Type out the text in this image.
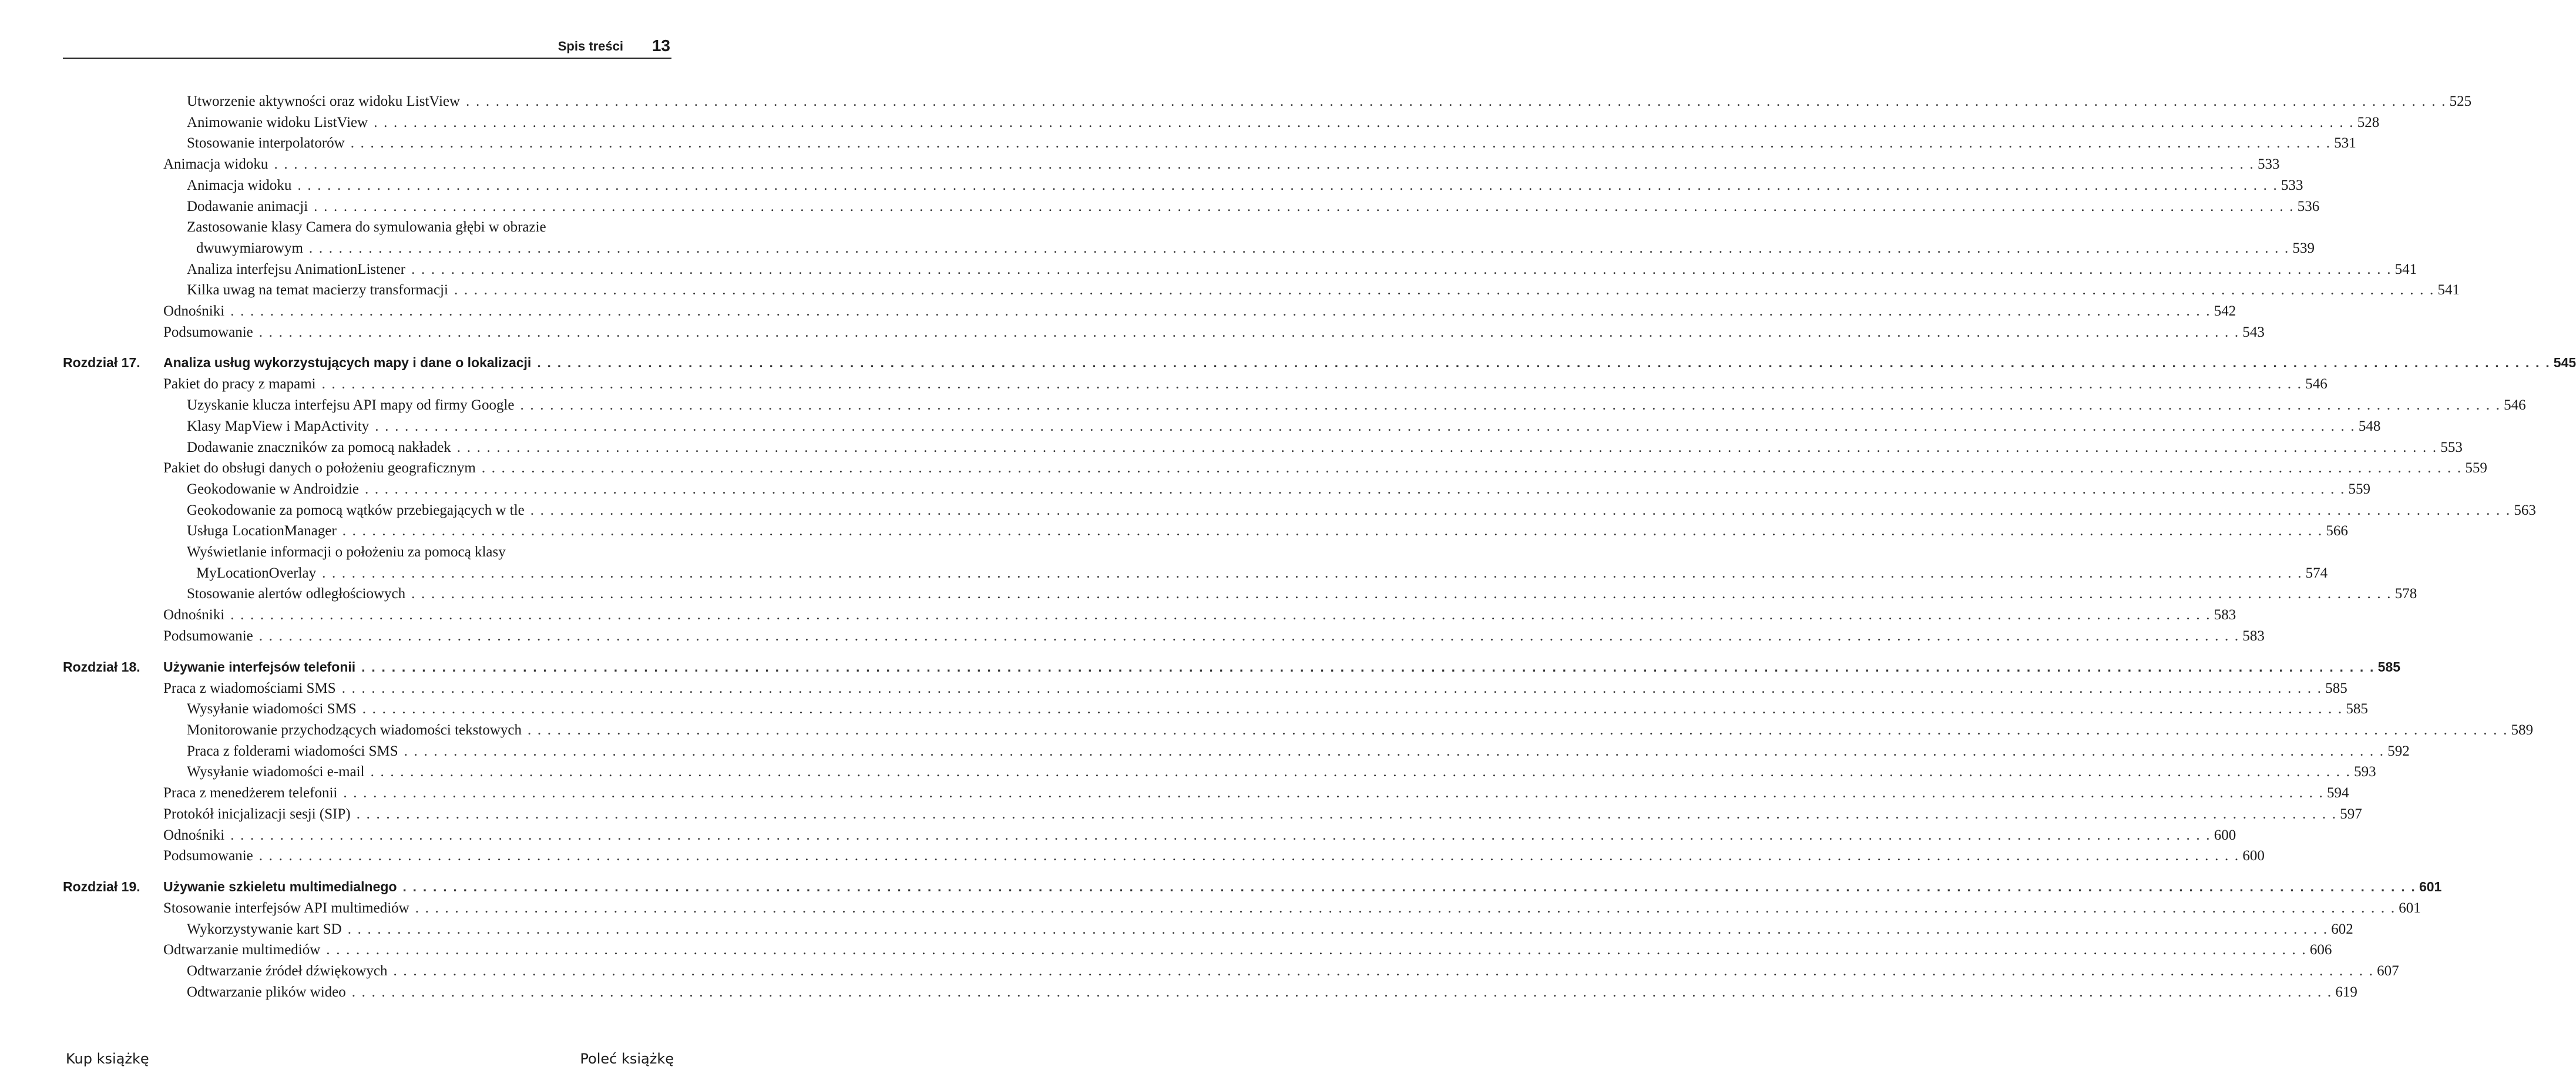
Spis treści 13
Utworzenie aktywności oraz widoku ListView . . . . . . . . . . . . . . . . . . . . . . . . . . . . . . . . . . . . . . . . . . . . . . . . . . . . . . . . . . . . . . . . . . . . . . . . . . . . . . . . . . . . . . . . . . . . . . . . . . . . . . . . . . . . . . . . . . . . . . . . . . . . . . . . . . . . . . . . . . . . . . . . . . . . . . . . . . . . . . . . . . . . . . . . . . . . . . . . . . . . . . . . . . . . . . . . . . . . . . . . 525
Animowanie widoku ListView . . . . . . . . . . . . . . . . . . . . . . . . . . . . . . . . . . . . . . . . . . . . . . . . . . . . . . . . . . . . . . . . . . . . . . . . . . . . . . . . . . . . . . . . . . . . . . . . . . . . . . . . . . . . . . . . . . . . . . . . . . . . . . . . . . . . . . . . . . . . . . . . . . . . . . . . . . . . . . . . . . . . . . . . . . . . . . . . . . . . . . . . . . . . . . . . . . . . . . . . 528
Stosowanie interpolatorów . . . . . . . . . . . . . . . . . . . . . . . . . . . . . . . . . . . . . . . . . . . . . . . . . . . . . . . . . . . . . . . . . . . . . . . . . . . . . . . . . . . . . . . . . . . . . . . . . . . . . . . . . . . . . . . . . . . . . . . . . . . . . . . . . . . . . . . . . . . . . . . . . . . . . . . . . . . . . . . . . . . . . . . . . . . . . . . . . . . . . . . . . . . . . . . . . . . . . . . . 531
Animacja widoku . . . . . . . . . . . . . . . . . . . . . . . . . . . . . . . . . . . . . . . . . . . . . . . . . . . . . . . . . . . . . . . . . . . . . . . . . . . . . . . . . . . . . . . . . . . . . . . . . . . . . . . . . . . . . . . . . . . . . . . . . . . . . . . . . . . . . . . . . . . . . . . . . . . . . . . . . . . . . . . . . . . . . . . . . . . . . . . . . . . . . . . . . . . . . . . . . . . . . . . . 533
Animacja widoku . . . . . . . . . . . . . . . . . . . . . . . . . . . . . . . . . . . . . . . . . . . . . . . . . . . . . . . . . . . . . . . . . . . . . . . . . . . . . . . . . . . . . . . . . . . . . . . . . . . . . . . . . . . . . . . . . . . . . . . . . . . . . . . . . . . . . . . . . . . . . . . . . . . . . . . . . . . . . . . . . . . . . . . . . . . . . . . . . . . . . . . . . . . . . . . . . . . . . . . . 533
Dodawanie animacji . . . . . . . . . . . . . . . . . . . . . . . . . . . . . . . . . . . . . . . . . . . . . . . . . . . . . . . . . . . . . . . . . . . . . . . . . . . . . . . . . . . . . . . . . . . . . . . . . . . . . . . . . . . . . . . . . . . . . . . . . . . . . . . . . . . . . . . . . . . . . . . . . . . . . . . . . . . . . . . . . . . . . . . . . . . . . . . . . . . . . . . . . . . . . . . . . . . . . . . . 536
Zastosowanie klasy Camera do symulowania głębi w obrazie
dwuwymiarowym . . . . . . . . . . . . . . . . . . . . . . . . . . . . . . . . . . . . . . . . . . . . . . . . . . . . . . . . . . . . . . . . . . . . . . . . . . . . . . . . . . . . . . . . . . . . . . . . . . . . . . . . . . . . . . . . . . . . . . . . . . . . . . . . . . . . . . . . . . . . . . . . . . . . . . . . . . . . . . . . . . . . . . . . . . . . . . . . . . . . . . . . . . . . . . . . . . . . . . . . 539
Analiza interfejsu AnimationListener . . . . . . . . . . . . . . . . . . . . . . . . . . . . . . . . . . . . . . . . . . . . . . . . . . . . . . . . . . . . . . . . . . . . . . . . . . . . . . . . . . . . . . . . . . . . . . . . . . . . . . . . . . . . . . . . . . . . . . . . . . . . . . . . . . . . . . . . . . . . . . . . . . . . . . . . . . . . . . . . . . . . . . . . . . . . . . . . . . . . . . . . . . . . . . . . . . . . . . . . 541
Kilka uwag na temat macierzy transformacji . . . . . . . . . . . . . . . . . . . . . . . . . . . . . . . . . . . . . . . . . . . . . . . . . . . . . . . . . . . . . . . . . . . . . . . . . . . . . . . . . . . . . . . . . . . . . . . . . . . . . . . . . . . . . . . . . . . . . . . . . . . . . . . . . . . . . . . . . . . . . . . . . . . . . . . . . . . . . . . . . . . . . . . . . . . . . . . . . . . . . . . . . . . . . . . . . . . . . . . . 541
Odnośniki . . . . . . . . . . . . . . . . . . . . . . . . . . . . . . . . . . . . . . . . . . . . . . . . . . . . . . . . . . . . . . . . . . . . . . . . . . . . . . . . . . . . . . . . . . . . . . . . . . . . . . . . . . . . . . . . . . . . . . . . . . . . . . . . . . . . . . . . . . . . . . . . . . . . . . . . . . . . . . . . . . . . . . . . . . . . . . . . . . . . . . . . . . . . . . . . . . . . . . . . 542
Podsumowanie . . . . . . . . . . . . . . . . . . . . . . . . . . . . . . . . . . . . . . . . . . . . . . . . . . . . . . . . . . . . . . . . . . . . . . . . . . . . . . . . . . . . . . . . . . . . . . . . . . . . . . . . . . . . . . . . . . . . . . . . . . . . . . . . . . . . . . . . . . . . . . . . . . . . . . . . . . . . . . . . . . . . . . . . . . . . . . . . . . . . . . . . . . . . . . . . . . . . . . . . 543
Rozdział 17. Analiza usług wykorzystujących mapy i dane o lokalizacji . . . . . . . . . . . . . . . . . . . . . . . . . . . . . . . . . . . . . . . . . . . . . . . . . . . . . . . . . . . . . . . . . . . . . . . . . . . . . . . . . . . . . . . . . . . . . . . . . . . . . . . . . . . . . . . . . . . . . . . . . . . . . . . . . . . . . . . . . . . . . . . . . . . . . . . . . . . . . . . . . . . . . . . . . . . . . . . . . . . . . . . . . . . . . . . . . . . . . . . . 545
Pakiet do pracy z mapami . . . . . . . . . . . . . . . . . . . . . . . . . . . . . . . . . . . . . . . . . . . . . . . . . . . . . . . . . . . . . . . . . . . . . . . . . . . . . . . . . . . . . . . . . . . . . . . . . . . . . . . . . . . . . . . . . . . . . . . . . . . . . . . . . . . . . . . . . . . . . . . . . . . . . . . . . . . . . . . . . . . . . . . . . . . . . . . . . . . . . . . . . . . . . . . . . . . . . . . . 546
Uzyskanie klucza interfejsu API mapy od firmy Google . . . . . . . . . . . . . . . . . . . . . . . . . . . . . . . . . . . . . . . . . . . . . . . . . . . . . . . . . . . . . . . . . . . . . . . . . . . . . . . . . . . . . . . . . . . . . . . . . . . . . . . . . . . . . . . . . . . . . . . . . . . . . . . . . . . . . . . . . . . . . . . . . . . . . . . . . . . . . . . . . . . . . . . . . . . . . . . . . . . . . . . . . . . . . . . . . . . . . . . . 546
Klasy MapView i MapActivity . . . . . . . . . . . . . . . . . . . . . . . . . . . . . . . . . . . . . . . . . . . . . . . . . . . . . . . . . . . . . . . . . . . . . . . . . . . . . . . . . . . . . . . . . . . . . . . . . . . . . . . . . . . . . . . . . . . . . . . . . . . . . . . . . . . . . . . . . . . . . . . . . . . . . . . . . . . . . . . . . . . . . . . . . . . . . . . . . . . . . . . . . . . . . . . . . . . . . . . . 548
Dodawanie znaczników za pomocą nakładek . . . . . . . . . . . . . . . . . . . . . . . . . . . . . . . . . . . . . . . . . . . . . . . . . . . . . . . . . . . . . . . . . . . . . . . . . . . . . . . . . . . . . . . . . . . . . . . . . . . . . . . . . . . . . . . . . . . . . . . . . . . . . . . . . . . . . . . . . . . . . . . . . . . . . . . . . . . . . . . . . . . . . . . . . . . . . . . . . . . . . . . . . . . . . . . . . . . . . . . . 553
Pakiet do obsługi danych o położeniu geograficznym . . . . . . . . . . . . . . . . . . . . . . . . . . . . . . . . . . . . . . . . . . . . . . . . . . . . . . . . . . . . . . . . . . . . . . . . . . . . . . . . . . . . . . . . . . . . . . . . . . . . . . . . . . . . . . . . . . . . . . . . . . . . . . . . . . . . . . . . . . . . . . . . . . . . . . . . . . . . . . . . . . . . . . . . . . . . . . . . . . . . . . . . . . . . . . . . . . . . . . . . 559
Geokodowanie w Androidzie . . . . . . . . . . . . . . . . . . . . . . . . . . . . . . . . . . . . . . . . . . . . . . . . . . . . . . . . . . . . . . . . . . . . . . . . . . . . . . . . . . . . . . . . . . . . . . . . . . . . . . . . . . . . . . . . . . . . . . . . . . . . . . . . . . . . . . . . . . . . . . . . . . . . . . . . . . . . . . . . . . . . . . . . . . . . . . . . . . . . . . . . . . . . . . . . . . . . . . . . 559
Geokodowanie za pomocą wątków przebiegających w tle . . . . . . . . . . . . . . . . . . . . . . . . . . . . . . . . . . . . . . . . . . . . . . . . . . . . . . . . . . . . . . . . . . . . . . . . . . . . . . . . . . . . . . . . . . . . . . . . . . . . . . . . . . . . . . . . . . . . . . . . . . . . . . . . . . . . . . . . . . . . . . . . . . . . . . . . . . . . . . . . . . . . . . . . . . . . . . . . . . . . . . . . . . . . . . . . . . . . . . . . 563
Usługa LocationManager . . . . . . . . . . . . . . . . . . . . . . . . . . . . . . . . . . . . . . . . . . . . . . . . . . . . . . . . . . . . . . . . . . . . . . . . . . . . . . . . . . . . . . . . . . . . . . . . . . . . . . . . . . . . . . . . . . . . . . . . . . . . . . . . . . . . . . . . . . . . . . . . . . . . . . . . . . . . . . . . . . . . . . . . . . . . . . . . . . . . . . . . . . . . . . . . . . . . . . . . 566
Wyświetlanie informacji o położeniu za pomocą klasy
MyLocationOverlay . . . . . . . . . . . . . . . . . . . . . . . . . . . . . . . . . . . . . . . . . . . . . . . . . . . . . . . . . . . . . . . . . . . . . . . . . . . . . . . . . . . . . . . . . . . . . . . . . . . . . . . . . . . . . . . . . . . . . . . . . . . . . . . . . . . . . . . . . . . . . . . . . . . . . . . . . . . . . . . . . . . . . . . . . . . . . . . . . . . . . . . . . . . . . . . . . . . . . . . . 574
Stosowanie alertów odległościowych . . . . . . . . . . . . . . . . . . . . . . . . . . . . . . . . . . . . . . . . . . . . . . . . . . . . . . . . . . . . . . . . . . . . . . . . . . . . . . . . . . . . . . . . . . . . . . . . . . . . . . . . . . . . . . . . . . . . . . . . . . . . . . . . . . . . . . . . . . . . . . . . . . . . . . . . . . . . . . . . . . . . . . . . . . . . . . . . . . . . . . . . . . . . . . . . . . . . . . . . 578
Odnośniki . . . . . . . . . . . . . . . . . . . . . . . . . . . . . . . . . . . . . . . . . . . . . . . . . . . . . . . . . . . . . . . . . . . . . . . . . . . . . . . . . . . . . . . . . . . . . . . . . . . . . . . . . . . . . . . . . . . . . . . . . . . . . . . . . . . . . . . . . . . . . . . . . . . . . . . . . . . . . . . . . . . . . . . . . . . . . . . . . . . . . . . . . . . . . . . . . . . . . . . . 583
Podsumowanie . . . . . . . . . . . . . . . . . . . . . . . . . . . . . . . . . . . . . . . . . . . . . . . . . . . . . . . . . . . . . . . . . . . . . . . . . . . . . . . . . . . . . . . . . . . . . . . . . . . . . . . . . . . . . . . . . . . . . . . . . . . . . . . . . . . . . . . . . . . . . . . . . . . . . . . . . . . . . . . . . . . . . . . . . . . . . . . . . . . . . . . . . . . . . . . . . . . . . . . . 583
Rozdział 18. Używanie interfejsów telefonii . . . . . . . . . . . . . . . . . . . . . . . . . . . . . . . . . . . . . . . . . . . . . . . . . . . . . . . . . . . . . . . . . . . . . . . . . . . . . . . . . . . . . . . . . . . . . . . . . . . . . . . . . . . . . . . . . . . . . . . . . . . . . . . . . . . . . . . . . . . . . . . . . . . . . . . . . . . . . . . . . . . . . . . . . . . . . . . . . . . . . . . . . . . . . . . . . . . . . . . . 585
Praca z wiadomościami SMS . . . . . . . . . . . . . . . . . . . . . . . . . . . . . . . . . . . . . . . . . . . . . . . . . . . . . . . . . . . . . . . . . . . . . . . . . . . . . . . . . . . . . . . . . . . . . . . . . . . . . . . . . . . . . . . . . . . . . . . . . . . . . . . . . . . . . . . . . . . . . . . . . . . . . . . . . . . . . . . . . . . . . . . . . . . . . . . . . . . . . . . . . . . . . . . . . . . . . . . . 585
Wysyłanie wiadomości SMS . . . . . . . . . . . . . . . . . . . . . . . . . . . . . . . . . . . . . . . . . . . . . . . . . . . . . . . . . . . . . . . . . . . . . . . . . . . . . . . . . . . . . . . . . . . . . . . . . . . . . . . . . . . . . . . . . . . . . . . . . . . . . . . . . . . . . . . . . . . . . . . . . . . . . . . . . . . . . . . . . . . . . . . . . . . . . . . . . . . . . . . . . . . . . . . . . . . . . . . . 585
Monitorowanie przychodzących wiadomości tekstowych . . . . . . . . . . . . . . . . . . . . . . . . . . . . . . . . . . . . . . . . . . . . . . . . . . . . . . . . . . . . . . . . . . . . . . . . . . . . . . . . . . . . . . . . . . . . . . . . . . . . . . . . . . . . . . . . . . . . . . . . . . . . . . . . . . . . . . . . . . . . . . . . . . . . . . . . . . . . . . . . . . . . . . . . . . . . . . . . . . . . . . . . . . . . . . . . . . . . . . . . 589
Praca z folderami wiadomości SMS . . . . . . . . . . . . . . . . . . . . . . . . . . . . . . . . . . . . . . . . . . . . . . . . . . . . . . . . . . . . . . . . . . . . . . . . . . . . . . . . . . . . . . . . . . . . . . . . . . . . . . . . . . . . . . . . . . . . . . . . . . . . . . . . . . . . . . . . . . . . . . . . . . . . . . . . . . . . . . . . . . . . . . . . . . . . . . . . . . . . . . . . . . . . . . . . . . . . . . . . 592
Wysyłanie wiadomości e-mail . . . . . . . . . . . . . . . . . . . . . . . . . . . . . . . . . . . . . . . . . . . . . . . . . . . . . . . . . . . . . . . . . . . . . . . . . . . . . . . . . . . . . . . . . . . . . . . . . . . . . . . . . . . . . . . . . . . . . . . . . . . . . . . . . . . . . . . . . . . . . . . . . . . . . . . . . . . . . . . . . . . . . . . . . . . . . . . . . . . . . . . . . . . . . . . . . . . . . . . . 593
Praca z menedżerem telefonii . . . . . . . . . . . . . . . . . . . . . . . . . . . . . . . . . . . . . . . . . . . . . . . . . . . . . . . . . . . . . . . . . . . . . . . . . . . . . . . . . . . . . . . . . . . . . . . . . . . . . . . . . . . . . . . . . . . . . . . . . . . . . . . . . . . . . . . . . . . . . . . . . . . . . . . . . . . . . . . . . . . . . . . . . . . . . . . . . . . . . . . . . . . . . . . . . . . . . . . . 594
Protokół inicjalizacji sesji (SIP) . . . . . . . . . . . . . . . . . . . . . . . . . . . . . . . . . . . . . . . . . . . . . . . . . . . . . . . . . . . . . . . . . . . . . . . . . . . . . . . . . . . . . . . . . . . . . . . . . . . . . . . . . . . . . . . . . . . . . . . . . . . . . . . . . . . . . . . . . . . . . . . . . . . . . . . . . . . . . . . . . . . . . . . . . . . . . . . . . . . . . . . . . . . . . . . . . . . . . . . . 597
Odnośniki . . . . . . . . . . . . . . . . . . . . . . . . . . . . . . . . . . . . . . . . . . . . . . . . . . . . . . . . . . . . . . . . . . . . . . . . . . . . . . . . . . . . . . . . . . . . . . . . . . . . . . . . . . . . . . . . . . . . . . . . . . . . . . . . . . . . . . . . . . . . . . . . . . . . . . . . . . . . . . . . . . . . . . . . . . . . . . . . . . . . . . . . . . . . . . . . . . . . . . . . 600
Podsumowanie . . . . . . . . . . . . . . . . . . . . . . . . . . . . . . . . . . . . . . . . . . . . . . . . . . . . . . . . . . . . . . . . . . . . . . . . . . . . . . . . . . . . . . . . . . . . . . . . . . . . . . . . . . . . . . . . . . . . . . . . . . . . . . . . . . . . . . . . . . . . . . . . . . . . . . . . . . . . . . . . . . . . . . . . . . . . . . . . . . . . . . . . . . . . . . . . . . . . . . . . 600
Rozdział 19. Używanie szkieletu multimedialnego . . . . . . . . . . . . . . . . . . . . . . . . . . . . . . . . . . . . . . . . . . . . . . . . . . . . . . . . . . . . . . . . . . . . . . . . . . . . . . . . . . . . . . . . . . . . . . . . . . . . . . . . . . . . . . . . . . . . . . . . . . . . . . . . . . . . . . . . . . . . . . . . . . . . . . . . . . . . . . . . . . . . . . . . . . . . . . . . . . . . . . . . . . . . . . . . . . . . . . . . 601
Stosowanie interfejsów API multimediów . . . . . . . . . . . . . . . . . . . . . . . . . . . . . . . . . . . . . . . . . . . . . . . . . . . . . . . . . . . . . . . . . . . . . . . . . . . . . . . . . . . . . . . . . . . . . . . . . . . . . . . . . . . . . . . . . . . . . . . . . . . . . . . . . . . . . . . . . . . . . . . . . . . . . . . . . . . . . . . . . . . . . . . . . . . . . . . . . . . . . . . . . . . . . . . . . . . . . . . . 601
Wykorzystywanie kart SD . . . . . . . . . . . . . . . . . . . . . . . . . . . . . . . . . . . . . . . . . . . . . . . . . . . . . . . . . . . . . . . . . . . . . . . . . . . . . . . . . . . . . . . . . . . . . . . . . . . . . . . . . . . . . . . . . . . . . . . . . . . . . . . . . . . . . . . . . . . . . . . . . . . . . . . . . . . . . . . . . . . . . . . . . . . . . . . . . . . . . . . . . . . . . . . . . . . . . . . . 602
Odtwarzanie multimediów . . . . . . . . . . . . . . . . . . . . . . . . . . . . . . . . . . . . . . . . . . . . . . . . . . . . . . . . . . . . . . . . . . . . . . . . . . . . . . . . . . . . . . . . . . . . . . . . . . . . . . . . . . . . . . . . . . . . . . . . . . . . . . . . . . . . . . . . . . . . . . . . . . . . . . . . . . . . . . . . . . . . . . . . . . . . . . . . . . . . . . . . . . . . . . . . . . . . . . . . 606
Odtwarzanie źródeł dźwiękowych . . . . . . . . . . . . . . . . . . . . . . . . . . . . . . . . . . . . . . . . . . . . . . . . . . . . . . . . . . . . . . . . . . . . . . . . . . . . . . . . . . . . . . . . . . . . . . . . . . . . . . . . . . . . . . . . . . . . . . . . . . . . . . . . . . . . . . . . . . . . . . . . . . . . . . . . . . . . . . . . . . . . . . . . . . . . . . . . . . . . . . . . . . . . . . . . . . . . . . . . 607
Odtwarzanie plików wideo . . . . . . . . . . . . . . . . . . . . . . . . . . . . . . . . . . . . . . . . . . . . . . . . . . . . . . . . . . . . . . . . . . . . . . . . . . . . . . . . . . . . . . . . . . . . . . . . . . . . . . . . . . . . . . . . . . . . . . . . . . . . . . . . . . . . . . . . . . . . . . . . . . . . . . . . . . . . . . . . . . . . . . . . . . . . . . . . . . . . . . . . . . . . . . . . . . . . . . . . 619
Kup książkę	Poleć książkę
